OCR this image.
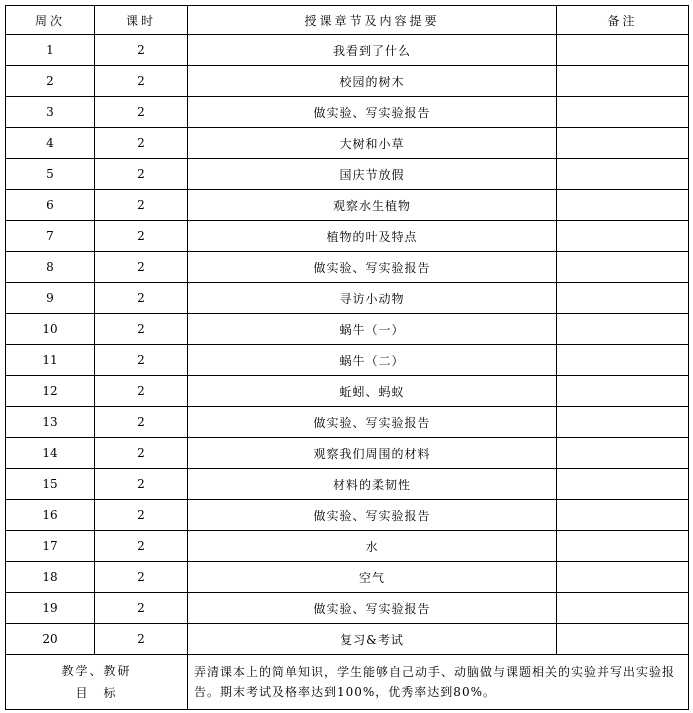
周次	课时	授课章节及内容提要	备注
1	2	我看到了什么	
2	2	校园的树木	
3	2	做实验、写实验报告	
4	2	大树和小草	
5	2	国庆节放假	
6	2	观察水生植物	
7	2	植物的叶及特点	
8	2	做实验、写实验报告	
9	2	寻访小动物	
10	2	蜗牛（一）	
11	2	蜗牛（二）	
12	2	蚯蚓、蚂蚁	
13	2	做实验、写实验报告	
14	2	观察我们周围的材料	
15	2	材料的柔韧性	
16	2	做实验、写实验报告	
17	2	水	
18	2	空气	
19	2	做实验、写实验报告	
20	2	复习&考试	

教学、教研
目　标		弄清课本上的简单知识，学生能够自己动手、动脑做与课题相关的实验并写出实验报告。期末考试及格率达到100%，优秀率达到80%。	
